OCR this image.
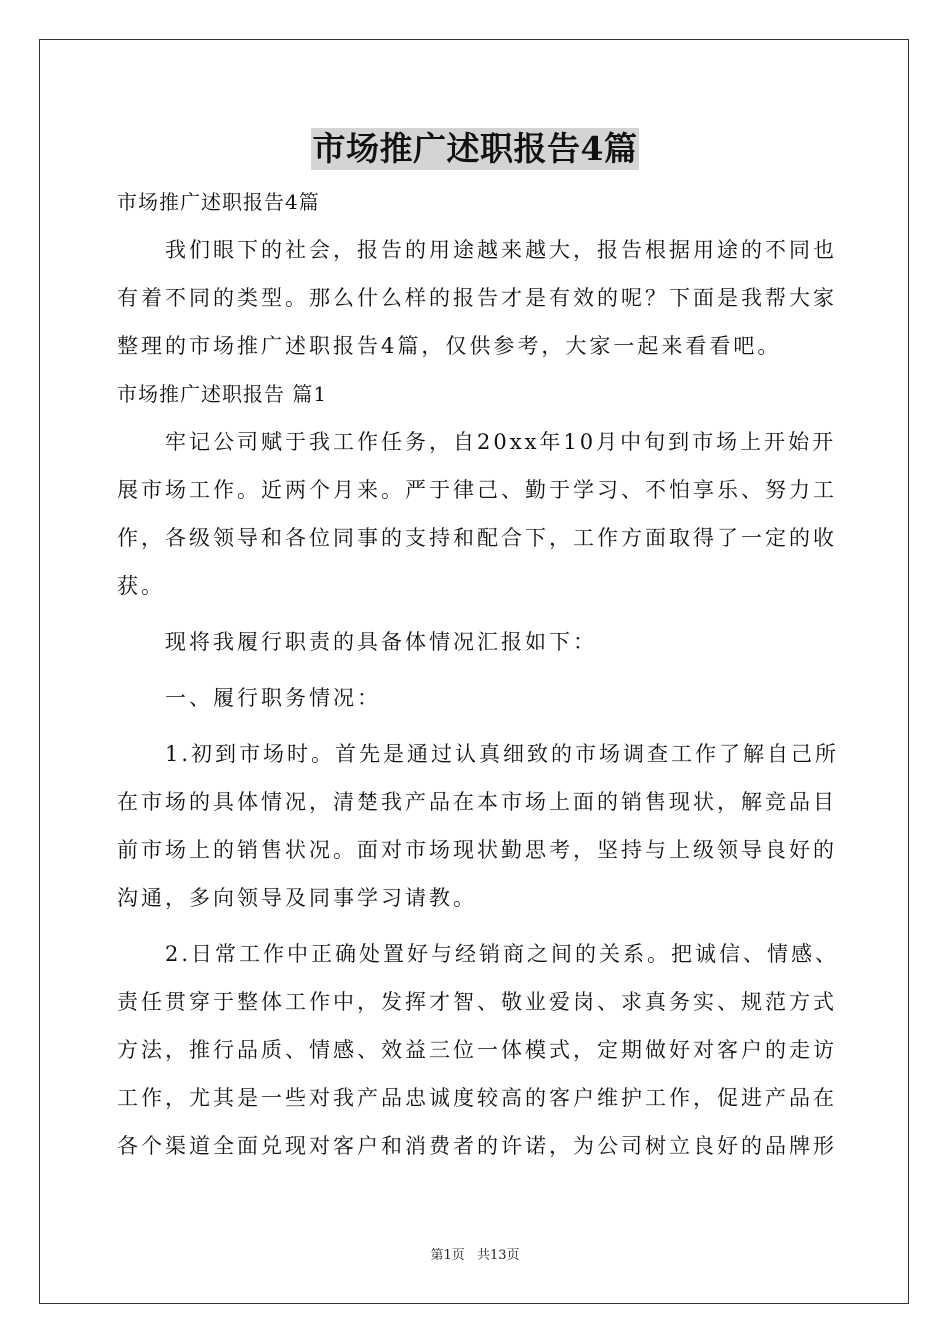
市场推广述职报告4篇
市场推广述职报告4篇
我们眼下的社会，报告的用途越来越大，报告根据用途的不同也
有着不同的类型。那么什么样的报告才是有效的呢？下面是我帮大家
整理的市场推广述职报告4篇，仅供参考，大家一起来看看吧。
市场推广述职报告 篇1
牢记公司赋于我工作任务，自20xx年10月中旬到市场上开始开
展市场工作。近两个月来。严于律己、勤于学习、不怕享乐、努力工
作，各级领导和各位同事的支持和配合下，工作方面取得了一定的收
获。
现将我履行职责的具备体情况汇报如下：
一、履行职务情况：
1.初到市场时。首先是通过认真细致的市场调查工作了解自己所
在市场的具体情况，清楚我产品在本市场上面的销售现状，解竞品目
前市场上的销售状况。面对市场现状勤思考，坚持与上级领导良好的
沟通，多向领导及同事学习请教。
2.日常工作中正确处置好与经销商之间的关系。把诚信、情感、
责任贯穿于整体工作中，发挥才智、敬业爱岗、求真务实、规范方式
方法，推行品质、情感、效益三位一体模式，定期做好对客户的走访
工作，尤其是一些对我产品忠诚度较高的客户维护工作，促进产品在
各个渠道全面兑现对客户和消费者的许诺，为公司树立良好的品牌形
第1页 共13页
